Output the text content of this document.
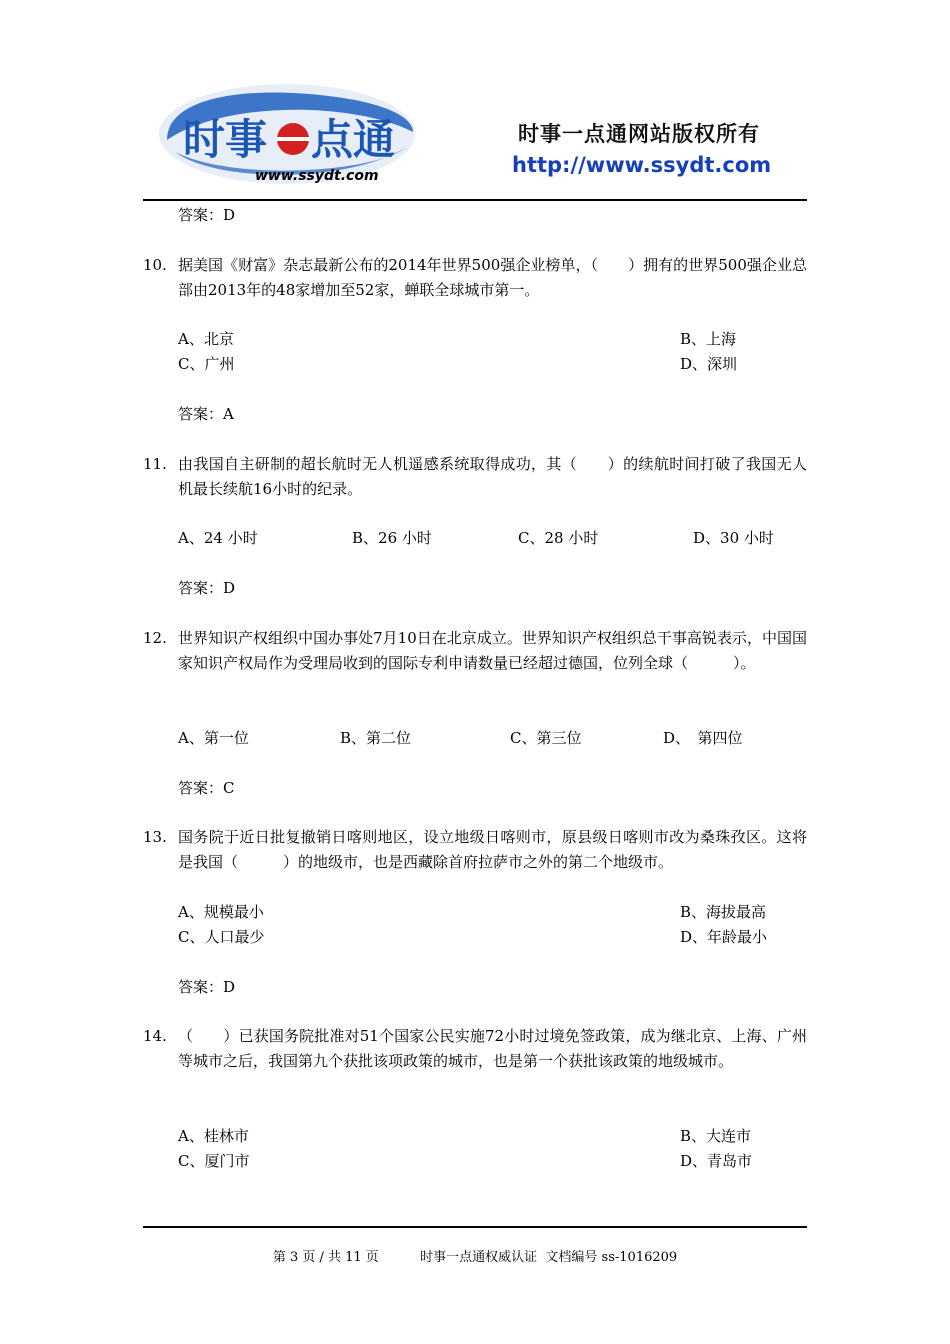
时事 点通
www.ssydt.com
时事一点通网站版权所有
http://www.ssydt.com
答案：D
10. 据美国《财富》杂志最新公布的2014年世界500强企业榜单，（　　）拥有的世界500强企业总部由2013年的48家增加至52家，蝉联全球城市第一。
A、北京	B、上海
C、广州	D、深圳
答案：A
11. 由我国自主研制的超长航时无人机遥感系统取得成功，其（　　）的续航时间打破了我国无人机最长续航16小时的纪录。
A、24 小时	B、26 小时	C、28 小时	D、30 小时
答案：D
12. 世界知识产权组织中国办事处7月10日在北京成立。世界知识产权组织总干事高锐表示，中国国家知识产权局作为受理局收到的国际专利申请数量已经超过德国，位列全球（　　　）。
A、第一位	B、第二位	C、第三位	D、　第四位
答案：C
13. 国务院于近日批复撤销日喀则地区，设立地级日喀则市，原县级日喀则市改为桑珠孜区。这将是我国（　　　）的地级市，也是西藏除首府拉萨市之外的第二个地级市。
A、规模最小	B、海拔最高
C、人口最少	D、年龄最小
答案：D
14. （　　）已获国务院批准对51个国家公民实施72小时过境免签政策，成为继北京、上海、广州等城市之后，我国第九个获批该项政策的城市，也是第一个获批该政策的地级城市。
A、桂林市	B、大连市
C、厦门市	D、青岛市
第 3 页 / 共 11 页	时事一点通权威认证 文档编号 ss-1016209
